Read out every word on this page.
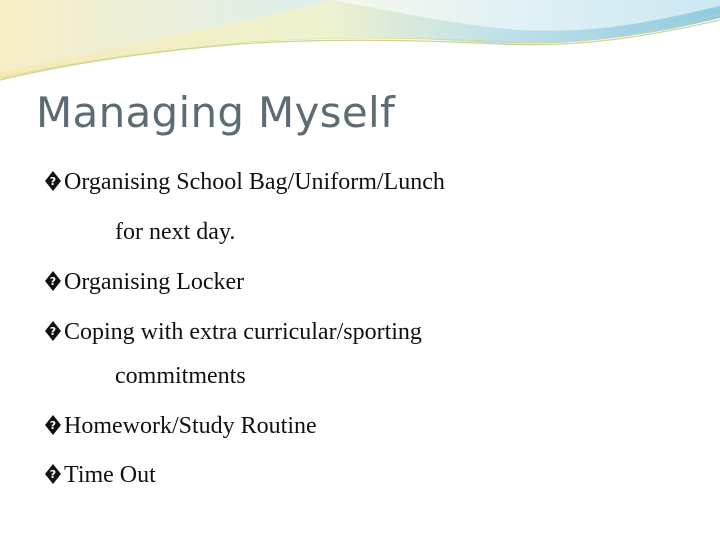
Managing Myself
? Organising School Bag/Uniform/Lunch
for next day.
? Organising Locker
? Coping with extra curricular/sporting
commitments
? Homework/Study Routine
? Time Out
